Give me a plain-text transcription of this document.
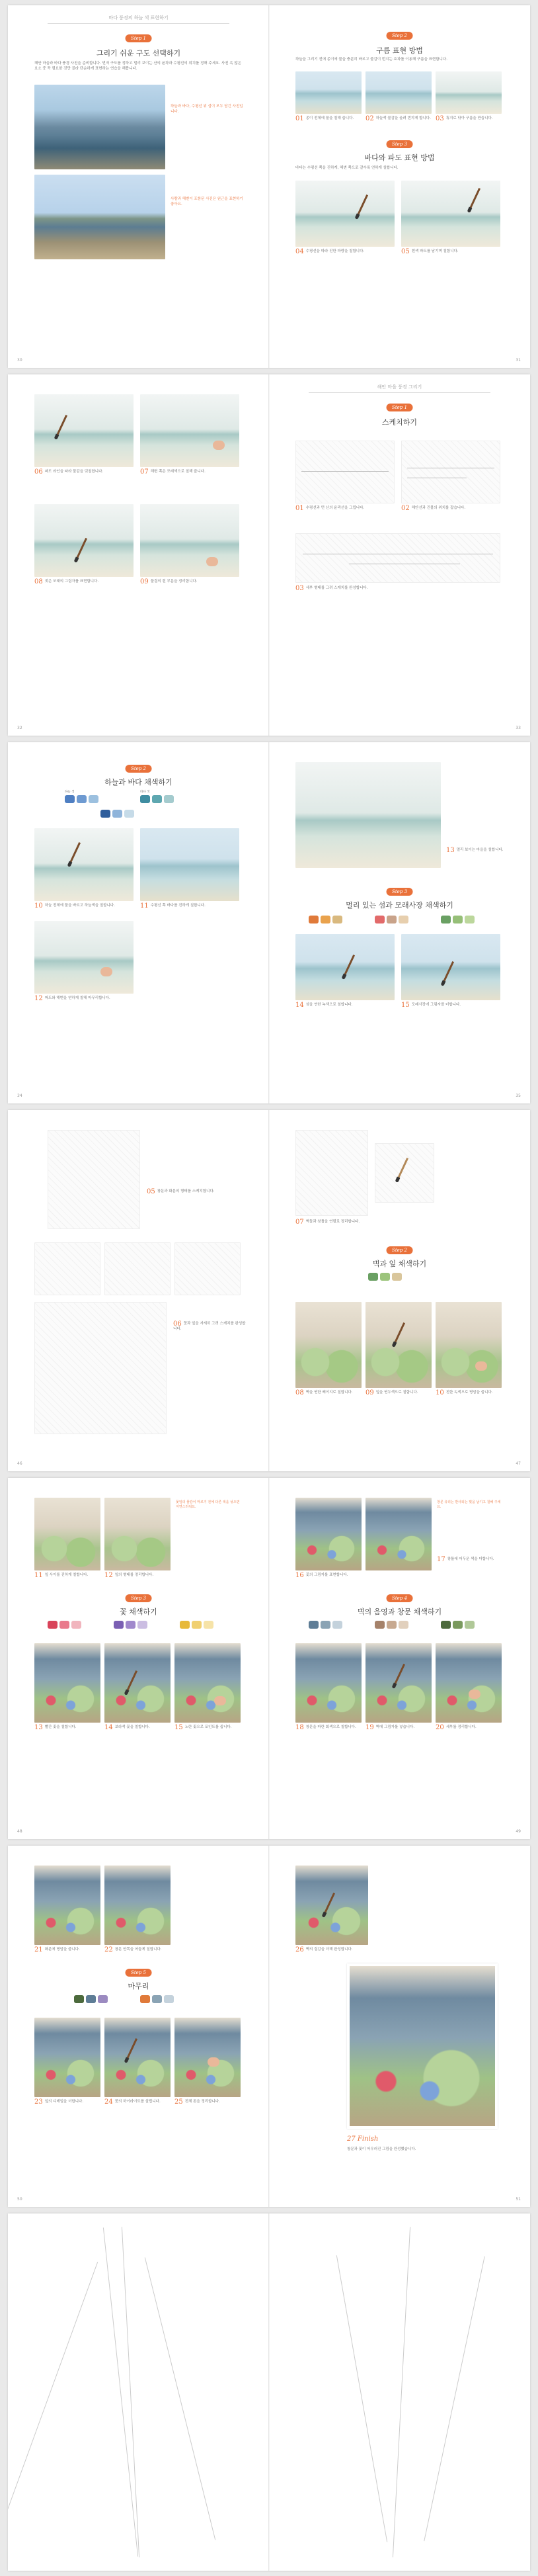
바다 풍경의 하늘 색 표현하기
Step 1
그리기 쉬운 구도 선택하기
해안 마을과 바다 풍경 사진을 준비합니다. 먼저 구도를 정하고 멀리 보이는 산의 윤곽과 수평선의 위치를 정해 주세요. 사진 속 많은 요소 중 꼭 필요한 것만 골라 단순하게 표현하는 연습을 해봅니다.
하늘과 바다, 수평선 위 섬이 모두 담긴 사진입니다.
사람과 해변이 포함된 사진은 원근을 표현하기 좋아요.
30
Step 2
구름 표현 방법
하늘을 그리기 전에 종이에 물을 충분히 바르고 물감이 번지는 효과를 이용해 구름을 표현합니다.
01 종이 전체에 물을 칠해 줍니다.	02 하늘색 물감을 올려 번지게 합니다. 03 휴지로 닦아 구름을 만듭니다.
Step 3
바다와 파도 표현 방법
바다는 수평선 쪽을 진하게, 해변 쪽으로 갈수록 연하게 칠합니다.
04 수평선을 따라 진한 파랑을 칠합니다.	05 흰색 파도를 남기며 칠합니다.
31
06 파도 라인을 따라 물감을 덧칠합니다.	07 해변 쪽은 모래색으로 칠해 줍니다.
08 젖은 모래의 그림자를 표현합니다.	09 물결의 흰 부분을 정리합니다.
32
해안 마을 풍경 그리기
Step 1
스케치하기
01 수평선과 먼 산의 윤곽선을 그립니다.	02 해안선과 건물의 위치를 잡습니다.
03 세부 형태를 그려 스케치를 완성합니다.
33
Step 2
하늘과 바다 채색하기
하늘 색	바다 색
10 하늘 전체에 물을 바르고 하늘색을 칠합니다.	11 수평선 쪽 바다를 진하게 칠합니다.
12 파도와 해변을 연하게 칠해 마무리합니다.
34
13 멀리 보이는 마을을 칠합니다.
Step 3
멀리 있는 섬과 모래사장 채색하기
14 섬을 연한 녹색으로 칠합니다.	15 모래사장에 그림자를 더합니다.
35
05 창문과 화분의 형태를 스케치합니다.
06 꽃과 잎을 자세히 그려 스케치를 완성합니다.
46
07 벽돌과 창틀을 연필로 정리합니다.
Step 2
벽과 잎 채색하기
08 벽을 연한 베이지로 칠합니다.	09 잎을 연두색으로 칠합니다.	10 진한 녹색으로 명암을 줍니다.
47
꽃잎의 물감이 마르기 전에 다른 색을 섞으면 자연스러워요.
11 잎 사이를 진하게 칠합니다.	12 잎의 형태를 정리합니다.
Step 3
꽃 채색하기
13 빨간 꽃을 칠합니다.	14 보라색 꽃을 칠합니다.	15 노란 꽃으로 포인트를 줍니다.
48
창문 유리는 반사되는 빛을 남기고 칠해 주세요.
16 꽃의 그림자를 표현합니다.
17 창틀에 어두운 색을 더합니다.
Step 4
벽의 음영과 창문 채색하기
18 창문을 파란 회색으로 칠합니다.	19 벽에 그림자를 넣습니다.	20 세부를 정리합니다.
49
21 화분에 명암을 줍니다.	22 창문 안쪽을 어둡게 칠합니다.
Step 5
마무리
23 잎의 디테일을 더합니다.	24 꽃의 하이라이트를 살립니다.	25 전체 톤을 정리합니다.
50
26 벽의 질감을 더해 완성합니다.
27 Finish
창문과 꽃이 어우러진 그림을 완성했습니다.
51
